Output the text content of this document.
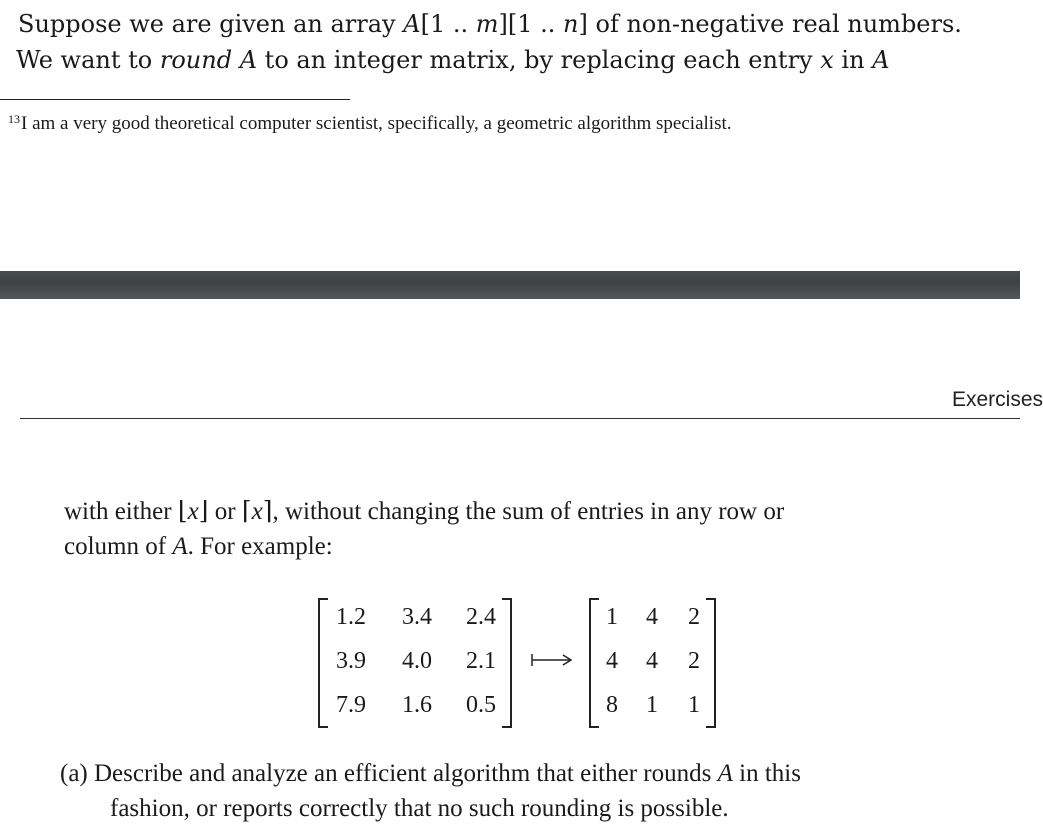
Suppose we are given an array A[1 .. m][1 .. n] of non-negative real numbers.
We want to round A to an integer matrix, by replacing each entry x in A
$^{13}$I am a very good theoretical computer scientist, specifically, a geometric algorithm specialist.
Exercises
with either ⌊x⌋ or ⌈x⌉, without changing the sum of entries in any row or
column of A. For example:
1.2	3.4	2.4
3.9	4.0	2.1
7.9	1.6	0.5
1	4	2
4	4	2
8	1	1
(a) Describe and analyze an efficient algorithm that either rounds A in this
fashion, or reports correctly that no such rounding is possible.
